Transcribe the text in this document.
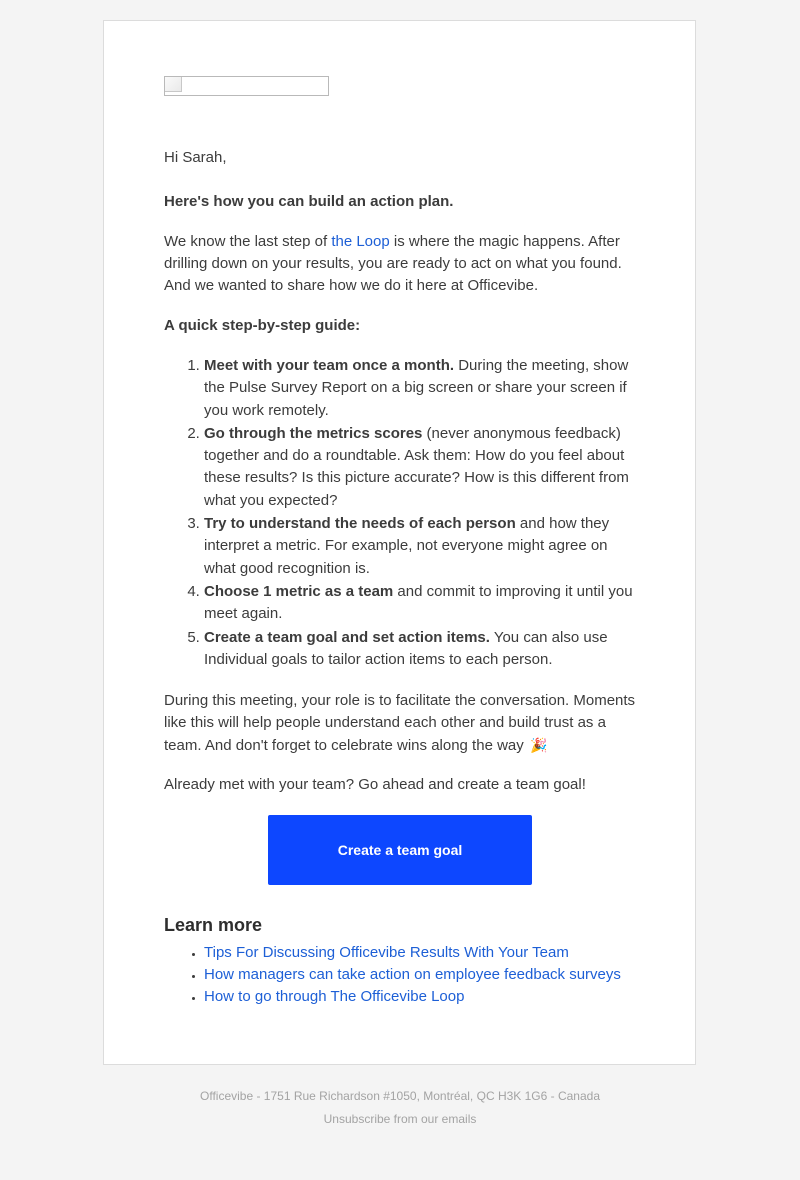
Hi Sarah,

Here's how you can build an action plan.

We know the last step of the Loop is where the magic happens. After drilling down on your results, you are ready to act on what you found. And we wanted to share how we do it here at Officevibe.

A quick step-by-step guide:

1. Meet with your team once a month. During the meeting, show the Pulse Survey Report on a big screen or share your screen if you work remotely.
2. Go through the metrics scores (never anonymous feedback) together and do a roundtable. Ask them: How do you feel about these results? Is this picture accurate? How is this different from what you expected?
3. Try to understand the needs of each person and how they interpret a metric. For example, not everyone might agree on what good recognition is.
4. Choose 1 metric as a team and commit to improving it until you meet again.
5. Create a team goal and set action items. You can also use Individual goals to tailor action items to each person.

During this meeting, your role is to facilitate the conversation. Moments like this will help people understand each other and build trust as a team. And don't forget to celebrate wins along the way 🎉

Already met with your team? Go ahead and create a team goal!

Create a team goal
Learn more
• Tips For Discussing Officevibe Results With Your Team
• How managers can take action on employee feedback surveys
• How to go through The Officevibe Loop
Officevibe - 1751 Rue Richardson #1050, Montréal, QC H3K 1G6 - Canada
Unsubscribe from our emails
